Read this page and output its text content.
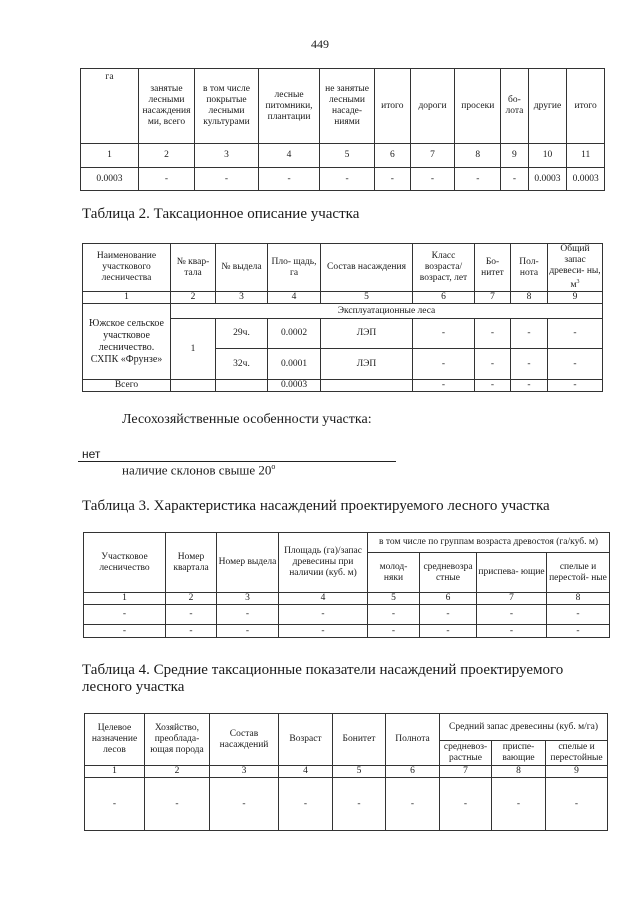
449
га	занятые лесными насаждения ми, всего	в том числе покрытые лесными культурами	лесные питомники, плантации	не занятые лесными насаде- ниями	итого	дороги	просеки	бо- лота	другие	итого
1	2	3	4	5	6	7	8	9	10	11
0.0003	-	-	-	-	-	-	-	-	0.0003	0.0003
Таблица 2. Таксационное описание участка
Наименование участкового лесничества	№ квар- тала	№ выдела	Пло- щадь, га	Состав насаждения	Класс возраста/ возраст, лет	Бо- нитет	Пол- нота	Общий запас древеси- ны, $м^3$
1	2	3	4	5	6	7	8	9
Южское сельское участковое лесничество. СХПК «Фрунзе»	Эксплуатационные леса							
	1	29ч.	0.0002	ЛЭП	-	-	-	-
		32ч.	0.0001	ЛЭП	-	-	-	-
Всего			0.0003		-	-	-	-
Лесохозяйственные особенности участка:
нет
наличие склонов свыше $20^о$
Таблица 3. Характеристика насаждений проектируемого лесного участка
Участковое лесничество	Номер квартала	Номер выдела	Площадь (га)/запас древесины при наличии (куб. м)	в том числе по группам возраста древостоя (га/куб. м)			
				молод- няки	средневозра стные	приспева- ющие	спелые и перестой- ные
1	2	3	4	5	6	7	8
-	-	-	-	-	-	-	-
-	-	-	-	-	-	-	-
Таблица 4. Средние таксационные показатели насаждений проектируемого
лесного участка
Целевое назначение лесов	Хозяйство, преоблада- ющая порода	Состав насаждений	Возраст	Бонитет	Полнота	Средний запас древесины (куб. м/га)		
						средневоз- растные	приспе- вающие	спелые и перестойные
1	2	3	4	5	6	7	8	9
-	-	-	-	-	-	-	-	-
